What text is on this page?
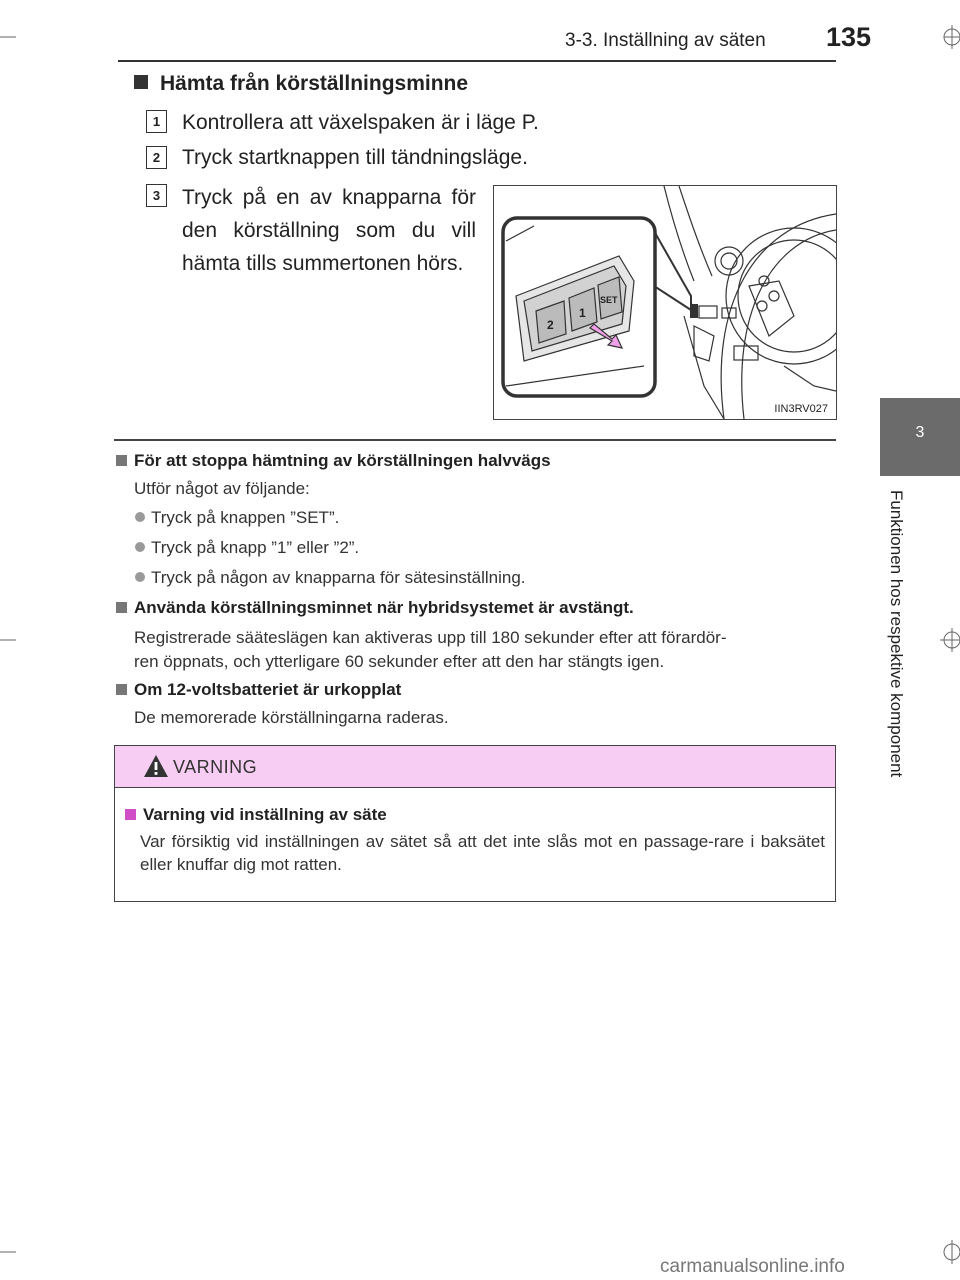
3-3. Inställning av säten 135
3
Funktionen hos respektive komponent
Hämta från körställningsminne
1	Kontrollera att växelspaken är i läge P.
2	Tryck startknappen till tändningsläge.
3	Tryck på en av knapparna för den körställning som du vill hämta tills summertonen hörs.
2
1
SET
IIN3RV027
För att stoppa hämtning av körställningen halvvägs
Utför något av följande:
Tryck på knappen ”SET”.
Tryck på knapp ”1” eller ”2”.
Tryck på någon av knapparna för sätesinställning.
Använda körställningsminnet när hybridsystemet är avstängt.
Registrerade sääteslägen kan aktiveras upp till 180 sekunder efter att förardör-
ren öppnats, och ytterligare 60 sekunder efter att den har stängts igen.
Om 12-voltsbatteriet är urkopplat
De memorerade körställningarna raderas.
VARNING
Varning vid inställning av säte
Var försiktig vid inställningen av sätet så att det inte slås mot en passage-rare i baksätet eller knuffar dig mot ratten.
carmanualsonline.info
